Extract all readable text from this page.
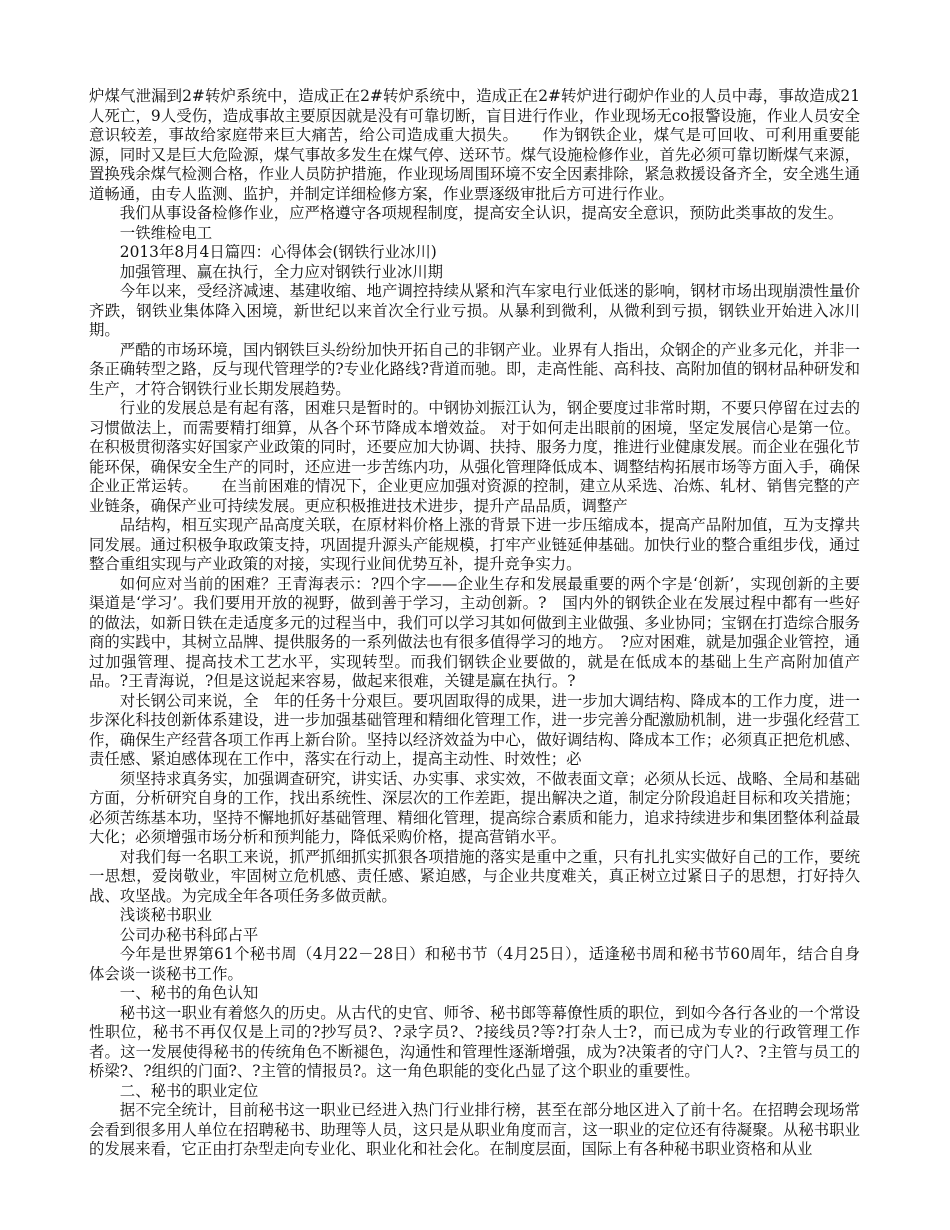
炉煤气泄漏到2#转炉系统中，造成正在2#转炉系统中，造成正在2#转炉进行砌炉作业的人员中毒，事故造成21人死亡，9人受伤，造成事故主要原因就是没有可靠切断，盲目进行作业，作业现场无co报警设施，作业人员安全意识较差，事故给家庭带来巨大痛苦，给公司造成重大损失。　　作为钢铁企业，煤气是可回收、可利用重要能源，同时又是巨大危险源，煤气事故多发生在煤气停、送环节。煤气设施检修作业，首先必须可靠切断煤气来源，置换残余煤气检测合格，作业人员防护措施，作业现场周围环境不安全因素排除，紧急救援设备齐全，安全逃生通道畅通，由专人监测、监护，并制定详细检修方案，作业票逐级审批后方可进行作业。

我们从事设备检修作业，应严格遵守各项规程制度，提高安全认识，提高安全意识，预防此类事故的发生。

一铁维检电工

2013年8月4日篇四：心得体会(钢铁行业冰川)

加强管理、赢在执行，全力应对钢铁行业冰川期

今年以来，受经济减速、基建收缩、地产调控持续从紧和汽车家电行业低迷的影响，钢材市场出现崩溃性量价齐跌，钢铁业集体降入困境，新世纪以来首次全行业亏损。从暴利到微利，从微利到亏损，钢铁业开始进入冰川期。

严酷的市场环境，国内钢铁巨头纷纷加快开拓自己的非钢产业。业界有人指出，众钢企的产业多元化，并非一条正确转型之路，反与现代管理学的?专业化路线?背道而驰。即，走高性能、高科技、高附加值的钢材品种研发和生产，才符合钢铁行业长期发展趋势。

行业的发展总是有起有落，困难只是暂时的。中钢协刘振江认为，钢企要度过非常时期，不要只停留在过去的习惯做法上，而需要精打细算，从各个环节降成本增效益。 对于如何走出眼前的困境，坚定发展信心是第一位。在积极贯彻落实好国家产业政策的同时，还要应加大协调、扶持、服务力度，推进行业健康发展。而企业在强化节能环保，确保安全生产的同时，还应进一步苦练内功，从强化管理降低成本、调整结构拓展市场等方面入手，确保企业正常运转。　　在当前困难的情况下，企业更应加强对资源的控制，建立从采选、冶炼、轧材、销售完整的产业链条，确保产业可持续发展。更应积极推进技术进步，提升产品品质，调整产

品结构，相互实现产品高度关联，在原材料价格上涨的背景下进一步压缩成本，提高产品附加值，互为支撑共同发展。通过积极争取政策支持，巩固提升源头产能规模，打牢产业链延伸基础。加快行业的整合重组步伐，通过整合重组实现与产业政策的对接，实现行业间优势互补，提升竞争实力。

如何应对当前的困难？王青海表示：?四个字——企业生存和发展最重要的两个字是‘创新’，实现创新的主要渠道是‘学习’。我们要用开放的视野，做到善于学习，主动创新。?　国内外的钢铁企业在发展过程中都有一些好的做法，如新日铁在走适度多元的过程当中，我们可以学习其如何做到主业做强、多业协同；宝钢在打造综合服务商的实践中，其树立品牌、提供服务的一系列做法也有很多值得学习的地方。　?应对困难，就是加强企业管控，通过加强管理、提高技术工艺水平，实现转型。而我们钢铁企业要做的，就是在低成本的基础上生产高附加值产品。?王青海说，?但是这说起来容易，做起来很难，关键是赢在执行。?

对长钢公司来说，全　年的任务十分艰巨。要巩固取得的成果，进一步加大调结构、降成本的工作力度，进一步深化科技创新体系建设，进一步加强基础管理和精细化管理工作，进一步完善分配激励机制，进一步强化经营工作，确保生产经营各项工作再上新台阶。坚持以经济效益为中心，做好调结构、降成本工作；必须真正把危机感、责任感、紧迫感体现在工作中，落实在行动上，提高主动性、时效性；必

须坚持求真务实，加强调查研究，讲实话、办实事、求实效，不做表面文章；必须从长远、战略、全局和基础方面，分析研究自身的工作，找出系统性、深层次的工作差距，提出解决之道，制定分阶段追赶目标和攻关措施；必须苦练基本功，坚持不懈地抓好基础管理、精细化管理，提高综合素质和能力，追求持续进步和集团整体利益最大化；必须增强市场分析和预判能力，降低采购价格，提高营销水平。

对我们每一名职工来说，抓严抓细抓实抓狠各项措施的落实是重中之重，只有扎扎实实做好自己的工作，要统一思想，爱岗敬业，牢固树立危机感、责任感、紧迫感，与企业共度难关，真正树立过紧日子的思想，打好持久战、攻坚战。为完成全年各项任务多做贡献。

浅谈秘书职业

公司办秘书科邱占平

今年是世界第61个秘书周（4月22－28日）和秘书节（4月25日），适逢秘书周和秘书节60周年，结合自身体会谈一谈秘书工作。

一、秘书的角色认知

秘书这一职业有着悠久的历史。从古代的史官、师爷、秘书郎等幕僚性质的职位，到如今各行各业的一个常设性职位，秘书不再仅仅是上司的?抄写员?、?录字员?、?接线员?等?打杂人士?，而已成为专业的行政管理工作者。这一发展使得秘书的传统角色不断褪色，沟通性和管理性逐渐增强，成为?决策者的守门人?、?主管与员工的桥梁?、?组织的门面?、?主管的情报员?。这一角色职能的变化凸显了这个职业的重要性。

二、秘书的职业定位

据不完全统计，目前秘书这一职业已经进入热门行业排行榜，甚至在部分地区进入了前十名。在招聘会现场常会看到很多用人单位在招聘秘书、助理等人员，这只是从职业角度而言，这一职业的定位还有待凝聚。从秘书职业的发展来看，它正由打杂型走向专业化、职业化和社会化。在制度层面，国际上有各种秘书职业资格和从业
